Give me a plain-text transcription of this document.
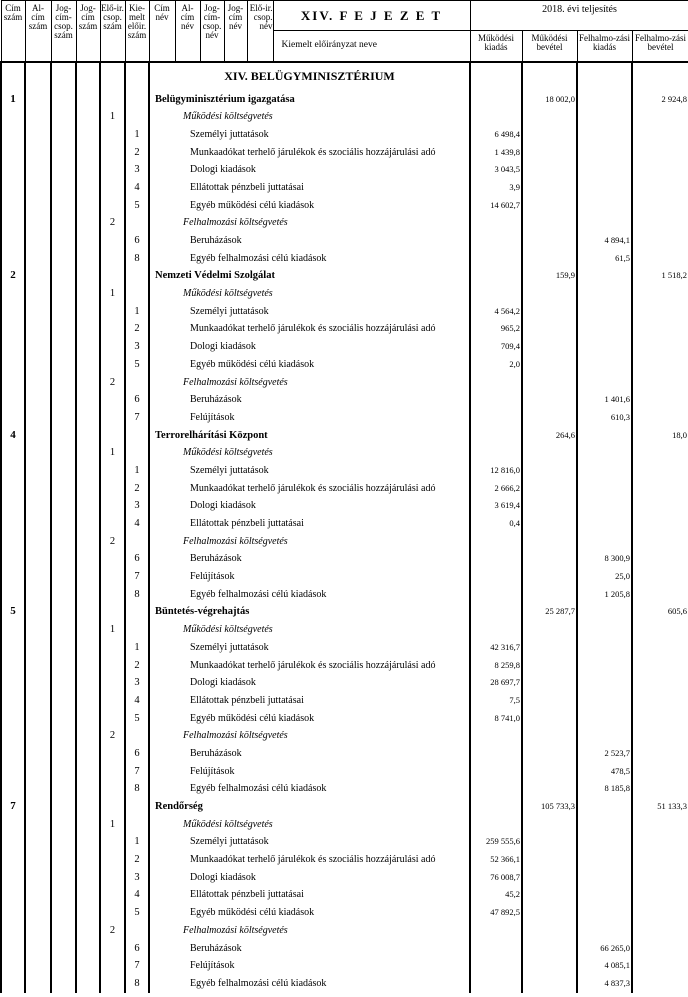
Cím szám	Al-cím szám	Jog-cím-csop. szám	Jog-cím szám	Elő-ir. csop. szám	Kie-melt előir. szám	Cím név	Al-cím név	Jog-cím-csop. név	Jog-cím név	Elő-ir. csop. név	XIV. F E J E Z E T	2018. évi teljesítés			
											Kiemelt előirányzat neve	Működési kiadás	Működési bevétel	Felhalmo-zási kiadás	Felhalmo-zási bevétel
						XIV. BELÜGYMINISZTÉRIUM									
1						Belügyminisztérium igazgatása							18 002,0		2 924,8
				1		Működési költségvetés									
					1	Személyi juttatások						6 498,4			
					2	Munkaadókat terhelő járulékok és szociális hozzájárulási adó						1 439,8			
					3	Dologi kiadások						3 043,5			
					4	Ellátottak pénzbeli juttatásai						3,9			
					5	Egyéb működési célú kiadások						14 602,7			
				2		Felhalmozási költségvetés									
					6	Beruházások								4 894,1	
					8	Egyéb felhalmozási célú kiadások								61,5	
2						Nemzeti Védelmi Szolgálat							159,9		1 518,2
				1		Működési költségvetés									
					1	Személyi juttatások						4 564,2			
					2	Munkaadókat terhelő járulékok és szociális hozzájárulási adó						965,2			
					3	Dologi kiadások						709,4			
					5	Egyéb működési célú kiadások						2,0			
				2		Felhalmozási költségvetés									
					6	Beruházások								1 401,6	
					7	Felújítások								610,3	
4						Terrorelhárítási Központ							264,6		18,0
				1		Működési költségvetés									
					1	Személyi juttatások						12 816,0			
					2	Munkaadókat terhelő járulékok és szociális hozzájárulási adó						2 666,2			
					3	Dologi kiadások						3 619,4			
					4	Ellátottak pénzbeli juttatásai						0,4			
				2		Felhalmozási költségvetés									
					6	Beruházások								8 300,9	
					7	Felújítások								25,0	
					8	Egyéb felhalmozási célú kiadások								1 205,8	
5						Büntetés-végrehajtás							25 287,7		605,6
				1		Működési költségvetés									
					1	Személyi juttatások						42 316,7			
					2	Munkaadókat terhelő járulékok és szociális hozzájárulási adó						8 259,8			
					3	Dologi kiadások						28 697,7			
					4	Ellátottak pénzbeli juttatásai						7,5			
					5	Egyéb működési célú kiadások						8 741,0			
				2		Felhalmozási költségvetés									
					6	Beruházások								2 523,7	
					7	Felújítások								478,5	
					8	Egyéb felhalmozási célú kiadások								8 185,8	
7						Rendőrség							105 733,3		51 133,3
				1		Működési költségvetés									
					1	Személyi juttatások						259 555,6			
					2	Munkaadókat terhelő járulékok és szociális hozzájárulási adó						52 366,1			
					3	Dologi kiadások						76 008,7			
					4	Ellátottak pénzbeli juttatásai						45,2			
					5	Egyéb működési célú kiadások						47 892,5			
				2		Felhalmozási költségvetés									
					6	Beruházások								66 265,0	
					7	Felújítások								4 085,1	
					8	Egyéb felhalmozási célú kiadások								4 837,3	
